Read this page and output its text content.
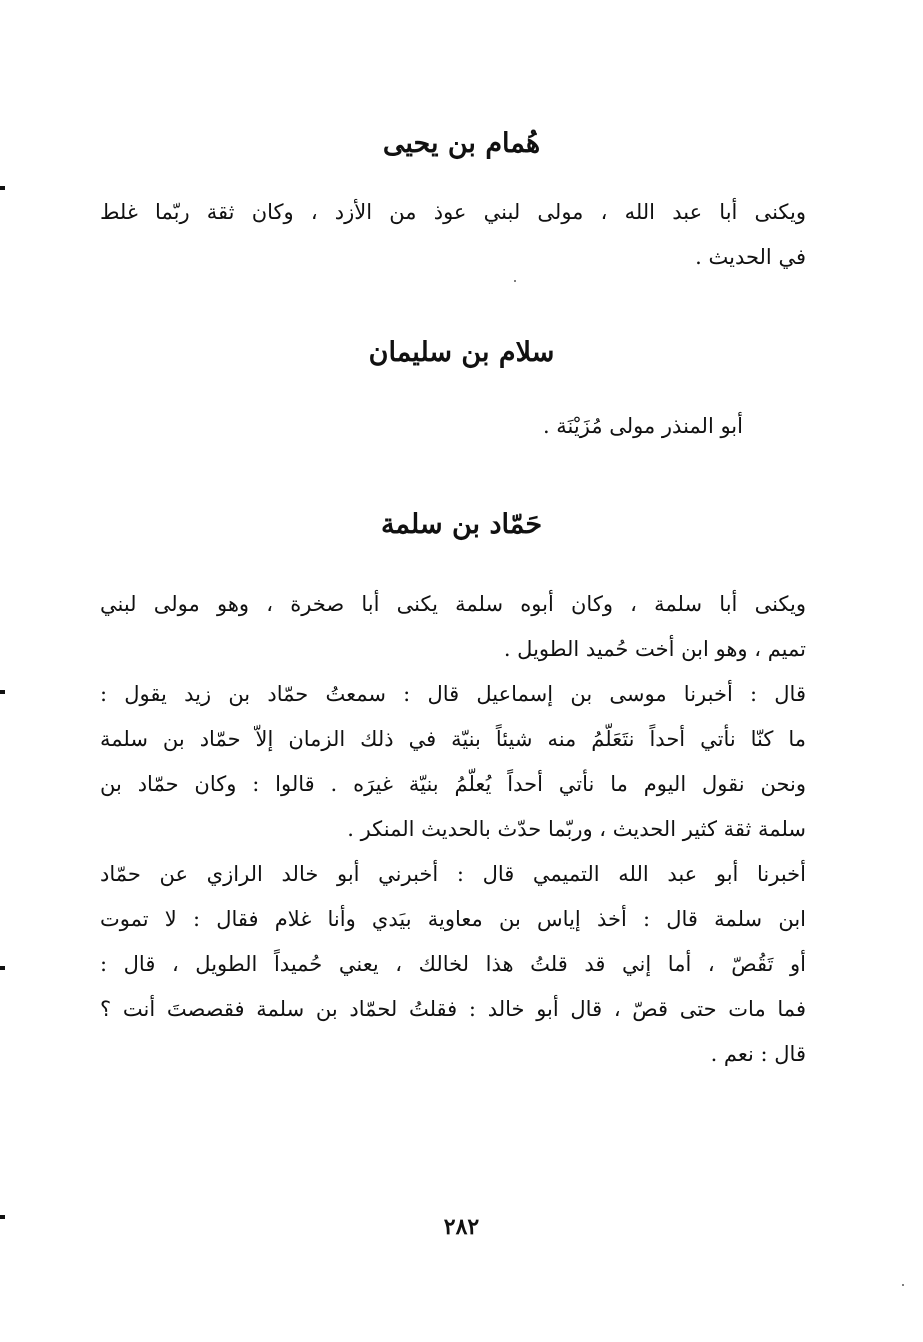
هُمام بن يحيى
ويكنى أبا عبد الله ، مولى لبني عوذ من الأزد ، وكان ثقة ربّما غلط
في الحديث .
سلام بن سليمان
أبو المنذر مولى مُزَيْنَة .
حَمّاد بن سلمة
ويكنى أبا سلمة ، وكان أبوه سلمة يكنى أبا صخرة ، وهو مولى لبني
تميم ، وهو ابن أخت حُميد الطويل .
قال : أخبرنا موسى بن إسماعيل قال : سمعتُ حمّاد بن زيد يقول :
ما كنّا نأتي أحداً نتَعَلّمُ منه شيئاً بنيّة في ذلك الزمان إلاّ حمّاد بن سلمة
ونحن نقول اليوم ما نأتي أحداً يُعلّمُ بنيّة غيرَه . قالوا : وكان حمّاد بن
سلمة ثقة كثير الحديث ، وربّما حدّث بالحديث المنكر .
أخبرنا أبو عبد الله التميمي قال : أخبرني أبو خالد الرازي عن حمّاد
ابن سلمة قال : أخذ إياس بن معاوية بيَدي وأنا غلام فقال : لا تموت
أو تَقُصّ ، أما إني قد قلتُ هذا لخالك ، يعني حُميداً الطويل ، قال :
فما مات حتى قصّ ، قال أبو خالد : فقلتُ لحمّاد بن سلمة فقصصتَ أنت ؟
قال : نعم .
٢٨٢
